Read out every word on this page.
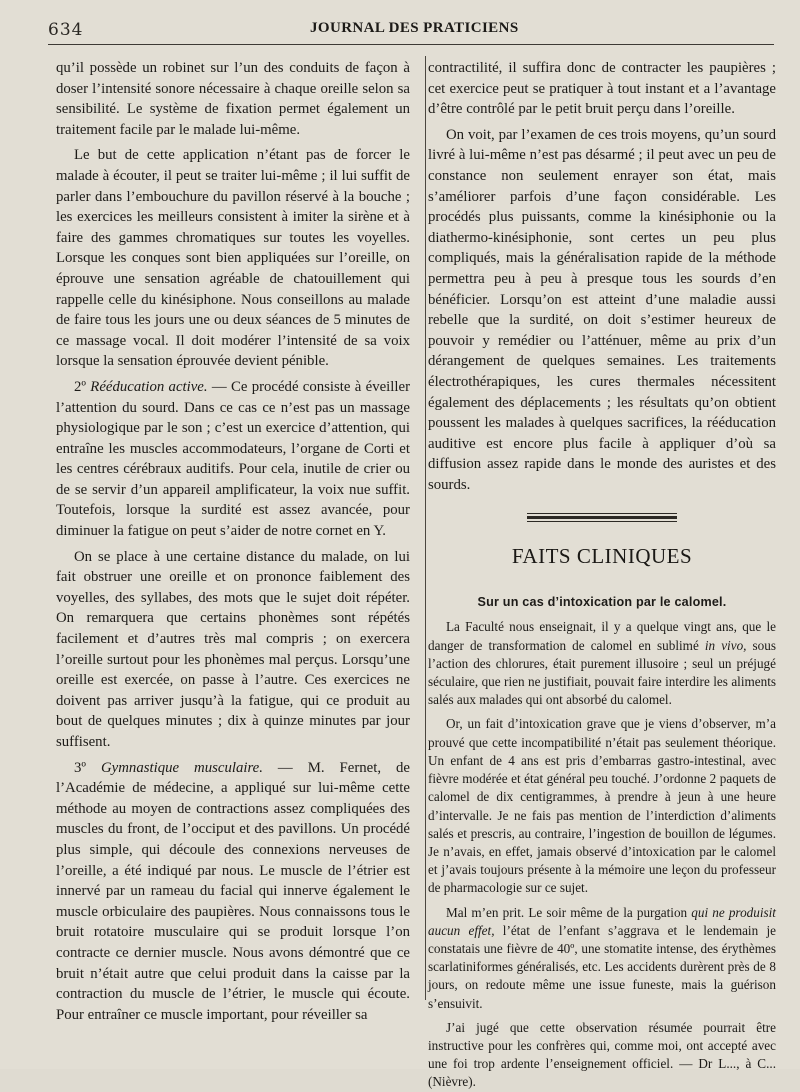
634	JOURNAL DES PRATICIENS

qu’il possède un robinet sur l’un des conduits de façon à doser l’intensité sonore nécessaire à chaque oreille selon sa sensibilité. Le système de fixation permet également un traitement facile par le malade lui-même.

Le but de cette application n’étant pas de forcer le malade à écouter, il peut se traiter lui-même ; il lui suffit de parler dans l’embouchure du pavillon réservé à la bouche ; les exercices les meilleurs consistent à imiter la sirène et à faire des gammes chromatiques sur toutes les voyelles. Lorsque les conques sont bien appliquées sur l’oreille, on éprouve une sensation agréable de chatouillement qui rappelle celle du kinésiphone. Nous conseillons au malade de faire tous les jours une ou deux séances de 5 minutes de ce massage vocal. Il doit modérer l’intensité de sa voix lorsque la sensation éprouvée devient pénible.

2º Rééducation active. — Ce procédé consiste à éveiller l’attention du sourd. Dans ce cas ce n’est pas un massage physiologique par le son ; c’est un exercice d’attention, qui entraîne les muscles accommodateurs, l’organe de Corti et les centres cérébraux auditifs. Pour cela, inutile de crier ou de se servir d’un appareil amplificateur, la voix nue suffit. Toutefois, lorsque la surdité est assez avancée, pour diminuer la fatigue on peut s’aider de notre cornet en Y.

On se place à une certaine distance du malade, on lui fait obstruer une oreille et on prononce faiblement des voyelles, des syllabes, des mots que le sujet doit répéter. On remarquera que certains phonèmes sont répétés facilement et d’autres très mal compris ; on exercera l’oreille surtout pour les phonèmes mal perçus. Lorsqu’une oreille est exercée, on passe à l’autre. Ces exercices ne doivent pas arriver jusqu’à la fatigue, qui ce produit au bout de quelques minutes ; dix à quinze minutes par jour suffisent.

3º Gymnastique musculaire. — M. Fernet, de l’Académie de médecine, a appliqué sur lui-même cette méthode au moyen de contractions assez compliquées des muscles du front, de l’occiput et des pavillons. Un procédé plus simple, qui découle des connexions nerveuses de l’oreille, a été indiqué par nous. Le muscle de l’étrier est innervé par un rameau du facial qui innerve également le muscle orbiculaire des paupières. Nous connaissons tous le bruit rotatoire musculaire qui se produit lorsque l’on contracte ce dernier muscle. Nous avons démontré que ce bruit n’était autre que celui produit dans la caisse par la contraction du muscle de l’étrier, le muscle qui écoute. Pour entraîner ce muscle important, pour réveiller sa

contractilité, il suffira donc de contracter les paupières ; cet exercice peut se pratiquer à tout instant et a l’avantage d’être contrôlé par le petit bruit perçu dans l’oreille.

On voit, par l’examen de ces trois moyens, qu’un sourd livré à lui-même n’est pas désarmé ; il peut avec un peu de constance non seulement enrayer son état, mais s’améliorer parfois d’une façon considérable. Les procédés plus puissants, comme la kinésiphonie ou la diathermo-kinésiphonie, sont certes un peu plus compliqués, mais la généralisation rapide de la méthode permettra peu à peu à presque tous les sourds d’en bénéficier. Lorsqu’on est atteint d’une maladie aussi rebelle que la surdité, on doit s’estimer heureux de pouvoir y remédier ou l’atténuer, même au prix d’un dérangement de quelques semaines. Les traitements électrothérapiques, les cures thermales nécessitent également des déplacements ; les résultats qu’on obtient poussent les malades à quelques sacrifices, la rééducation auditive est encore plus facile à appliquer d’où sa diffusion assez rapide dans le monde des auristes et des sourds.

FAITS CLINIQUES
Sur un cas d’intoxication par le calomel.

La Faculté nous enseignait, il y a quelque vingt ans, que le danger de transformation de calomel en sublimé in vivo, sous l’action des chlorures, était purement illusoire ; seul un préjugé séculaire, que rien ne justifiait, pouvait faire interdire les aliments salés aux malades qui ont absorbé du calomel.

Or, un fait d’intoxication grave que je viens d’observer, m’a prouvé que cette incompatibilité n’était pas seulement théorique. Un enfant de 4 ans est pris d’embarras gastro-intestinal, avec fièvre modérée et état général peu touché. J’ordonne 2 paquets de calomel de dix centigrammes, à prendre à jeun à une heure d’intervalle. Je ne fais pas mention de l’interdiction d’aliments salés et prescris, au contraire, l’ingestion de bouillon de légumes. Je n’avais, en effet, jamais observé d’intoxication par le calomel et j’avais toujours présente à la mémoire une leçon du professeur de pharmacologie sur ce sujet.

Mal m’en prit. Le soir même de la purgation qui ne produisit aucun effet, l’état de l’enfant s’aggrava et le lendemain je constatais une fièvre de 40º, une stomatite intense, des érythèmes scarlatiniformes généralisés, etc. Les accidents durèrent près de 8 jours, on redoute même une issue funeste, mais la guérison s’ensuivit.

J’ai jugé que cette observation résumée pourrait être instructive pour les confrères qui, comme moi, ont accepté avec une foi trop ardente l’enseignement officiel. — Dr L..., à C... (Nièvre).
